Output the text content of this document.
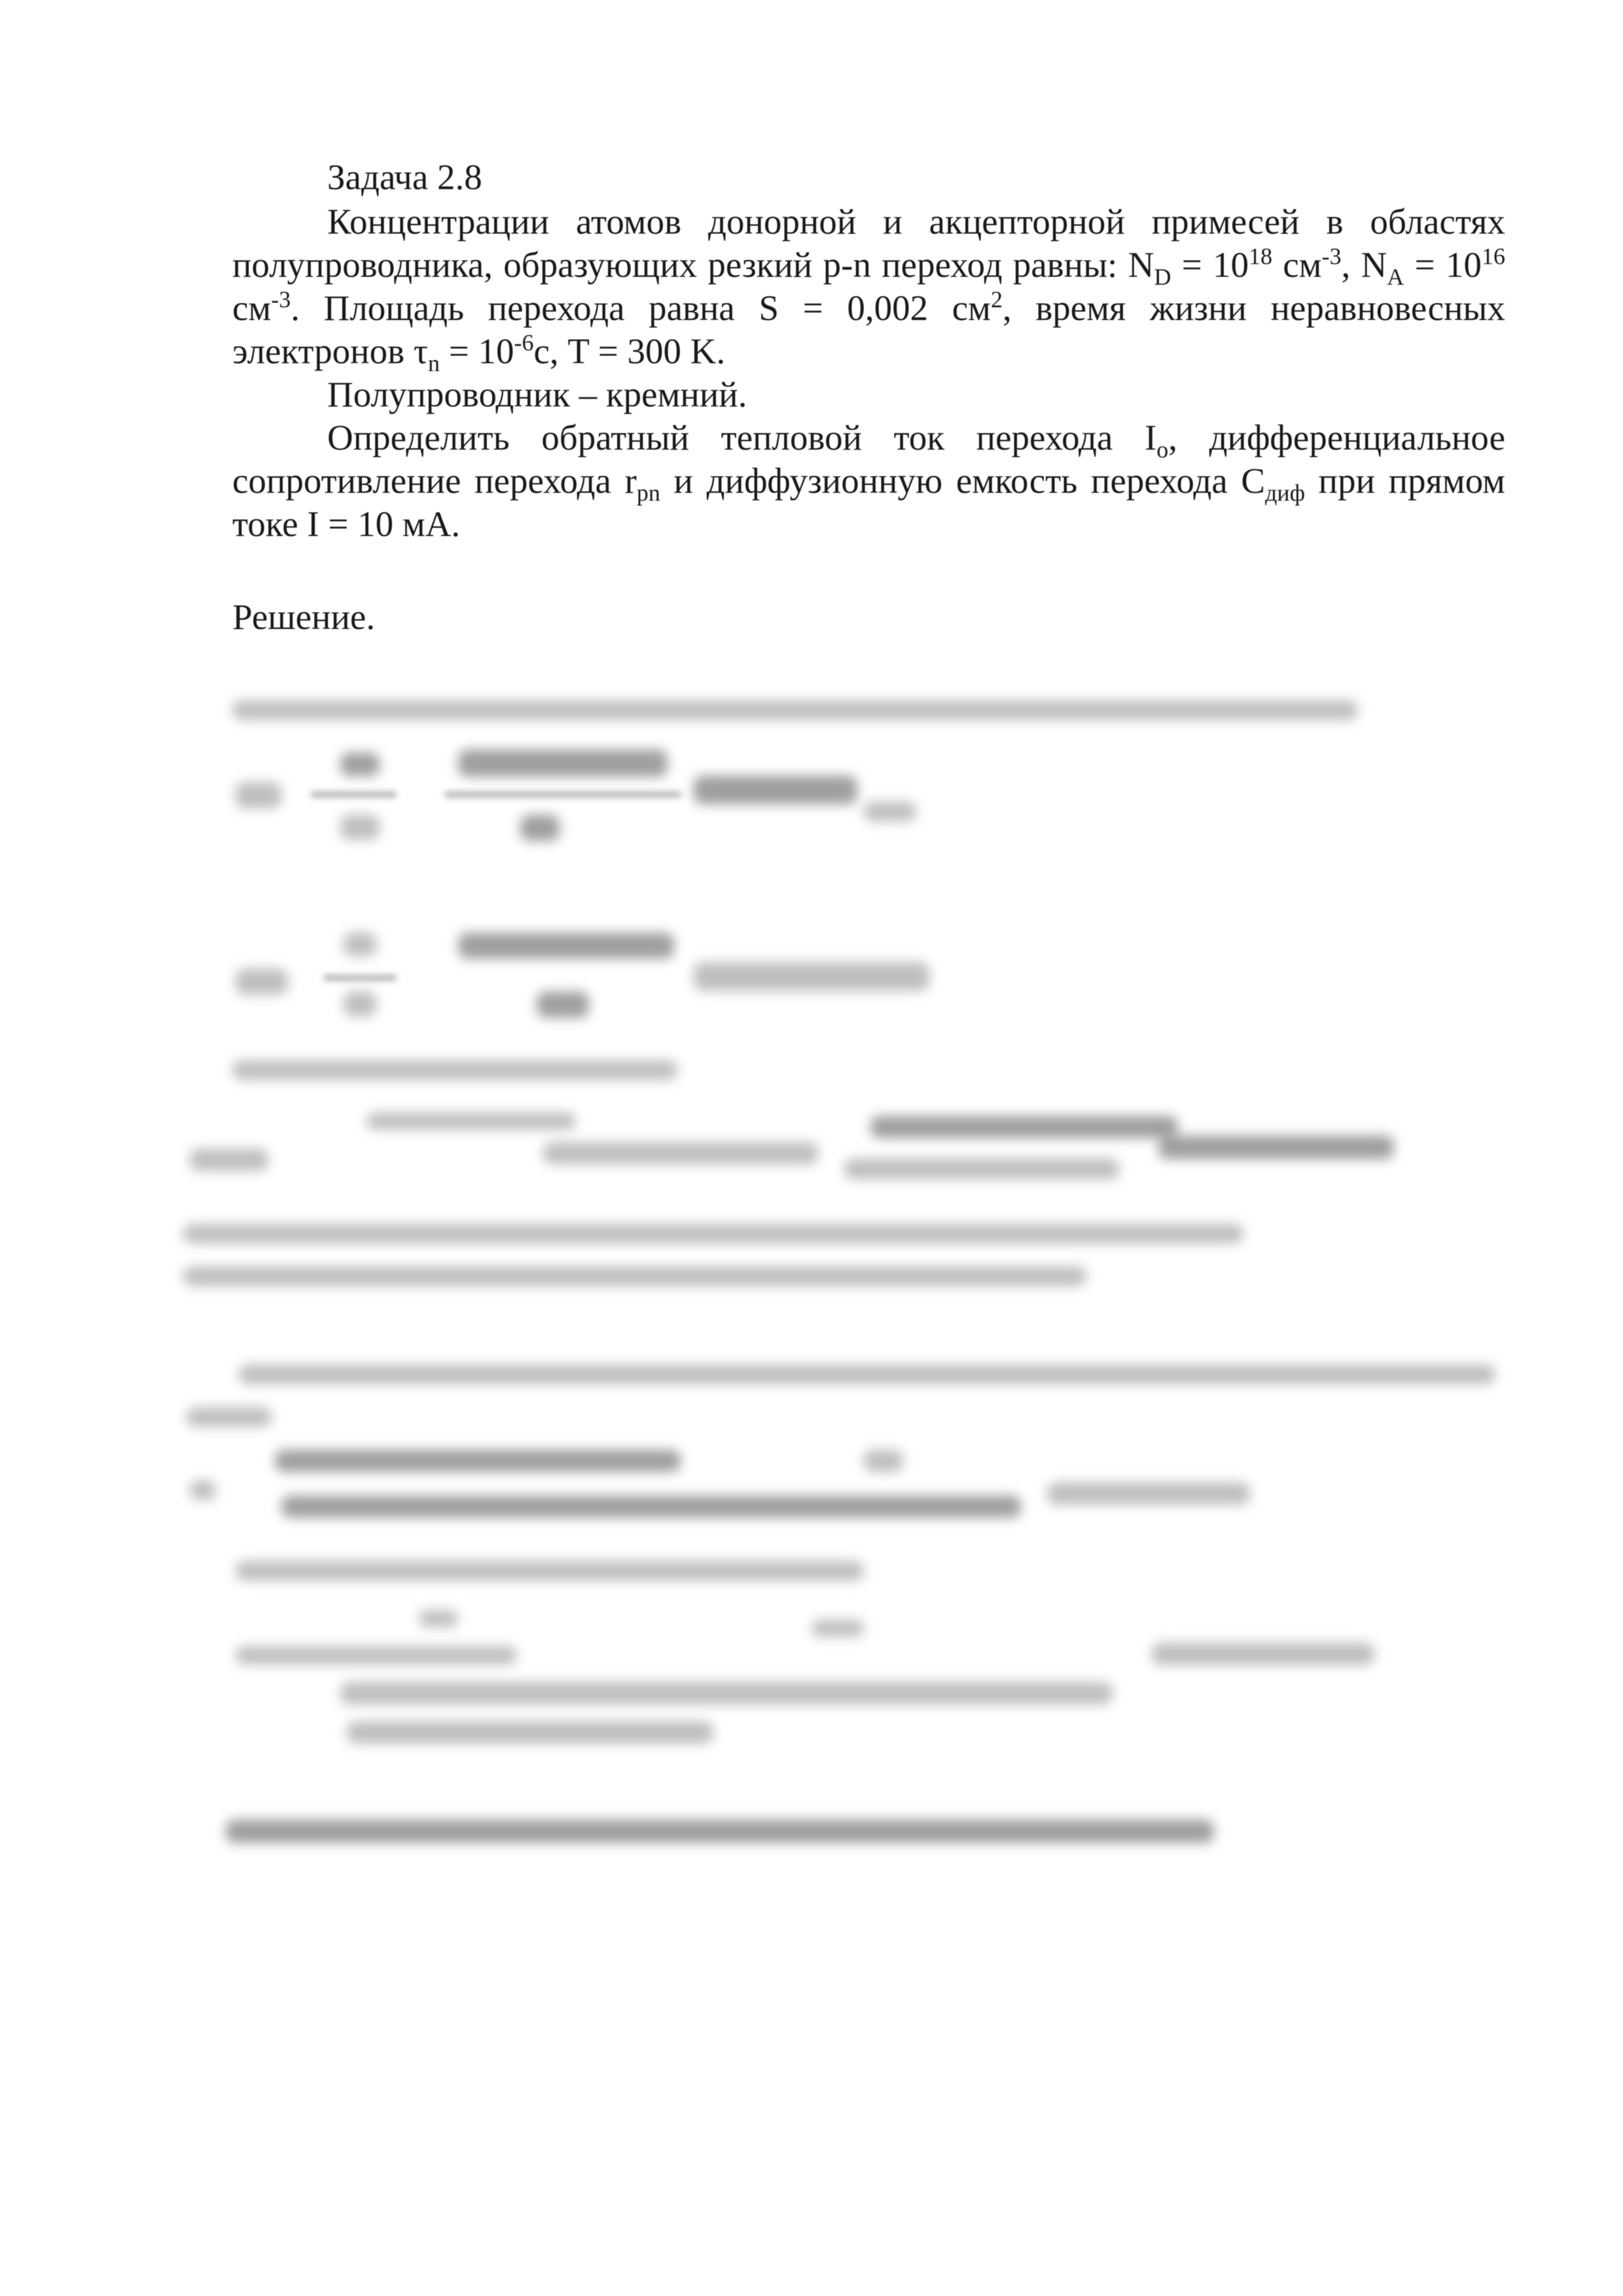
Задача 2.8

Концентрации атомов донорной и акцепторной примесей в областях полупроводника, образующих резкий p-n переход равны: $N_D = 10^{18}$ $см^{-3}$, $N_A = 10^{16}$ $см^{-3}$. Площадь перехода равна S = 0,002 $см^2$, время жизни неравновесных электронов $\tau_n = 10^{-6}с$, T = 300 K.

Полупроводник – кремний.

Определить обратный тепловой ток перехода $I_o$, дифференциальное сопротивление перехода $r_{pn}$ и диффузионную емкость перехода $C_{диф}$ при прямом токе I = 10 мА.

Решение.
